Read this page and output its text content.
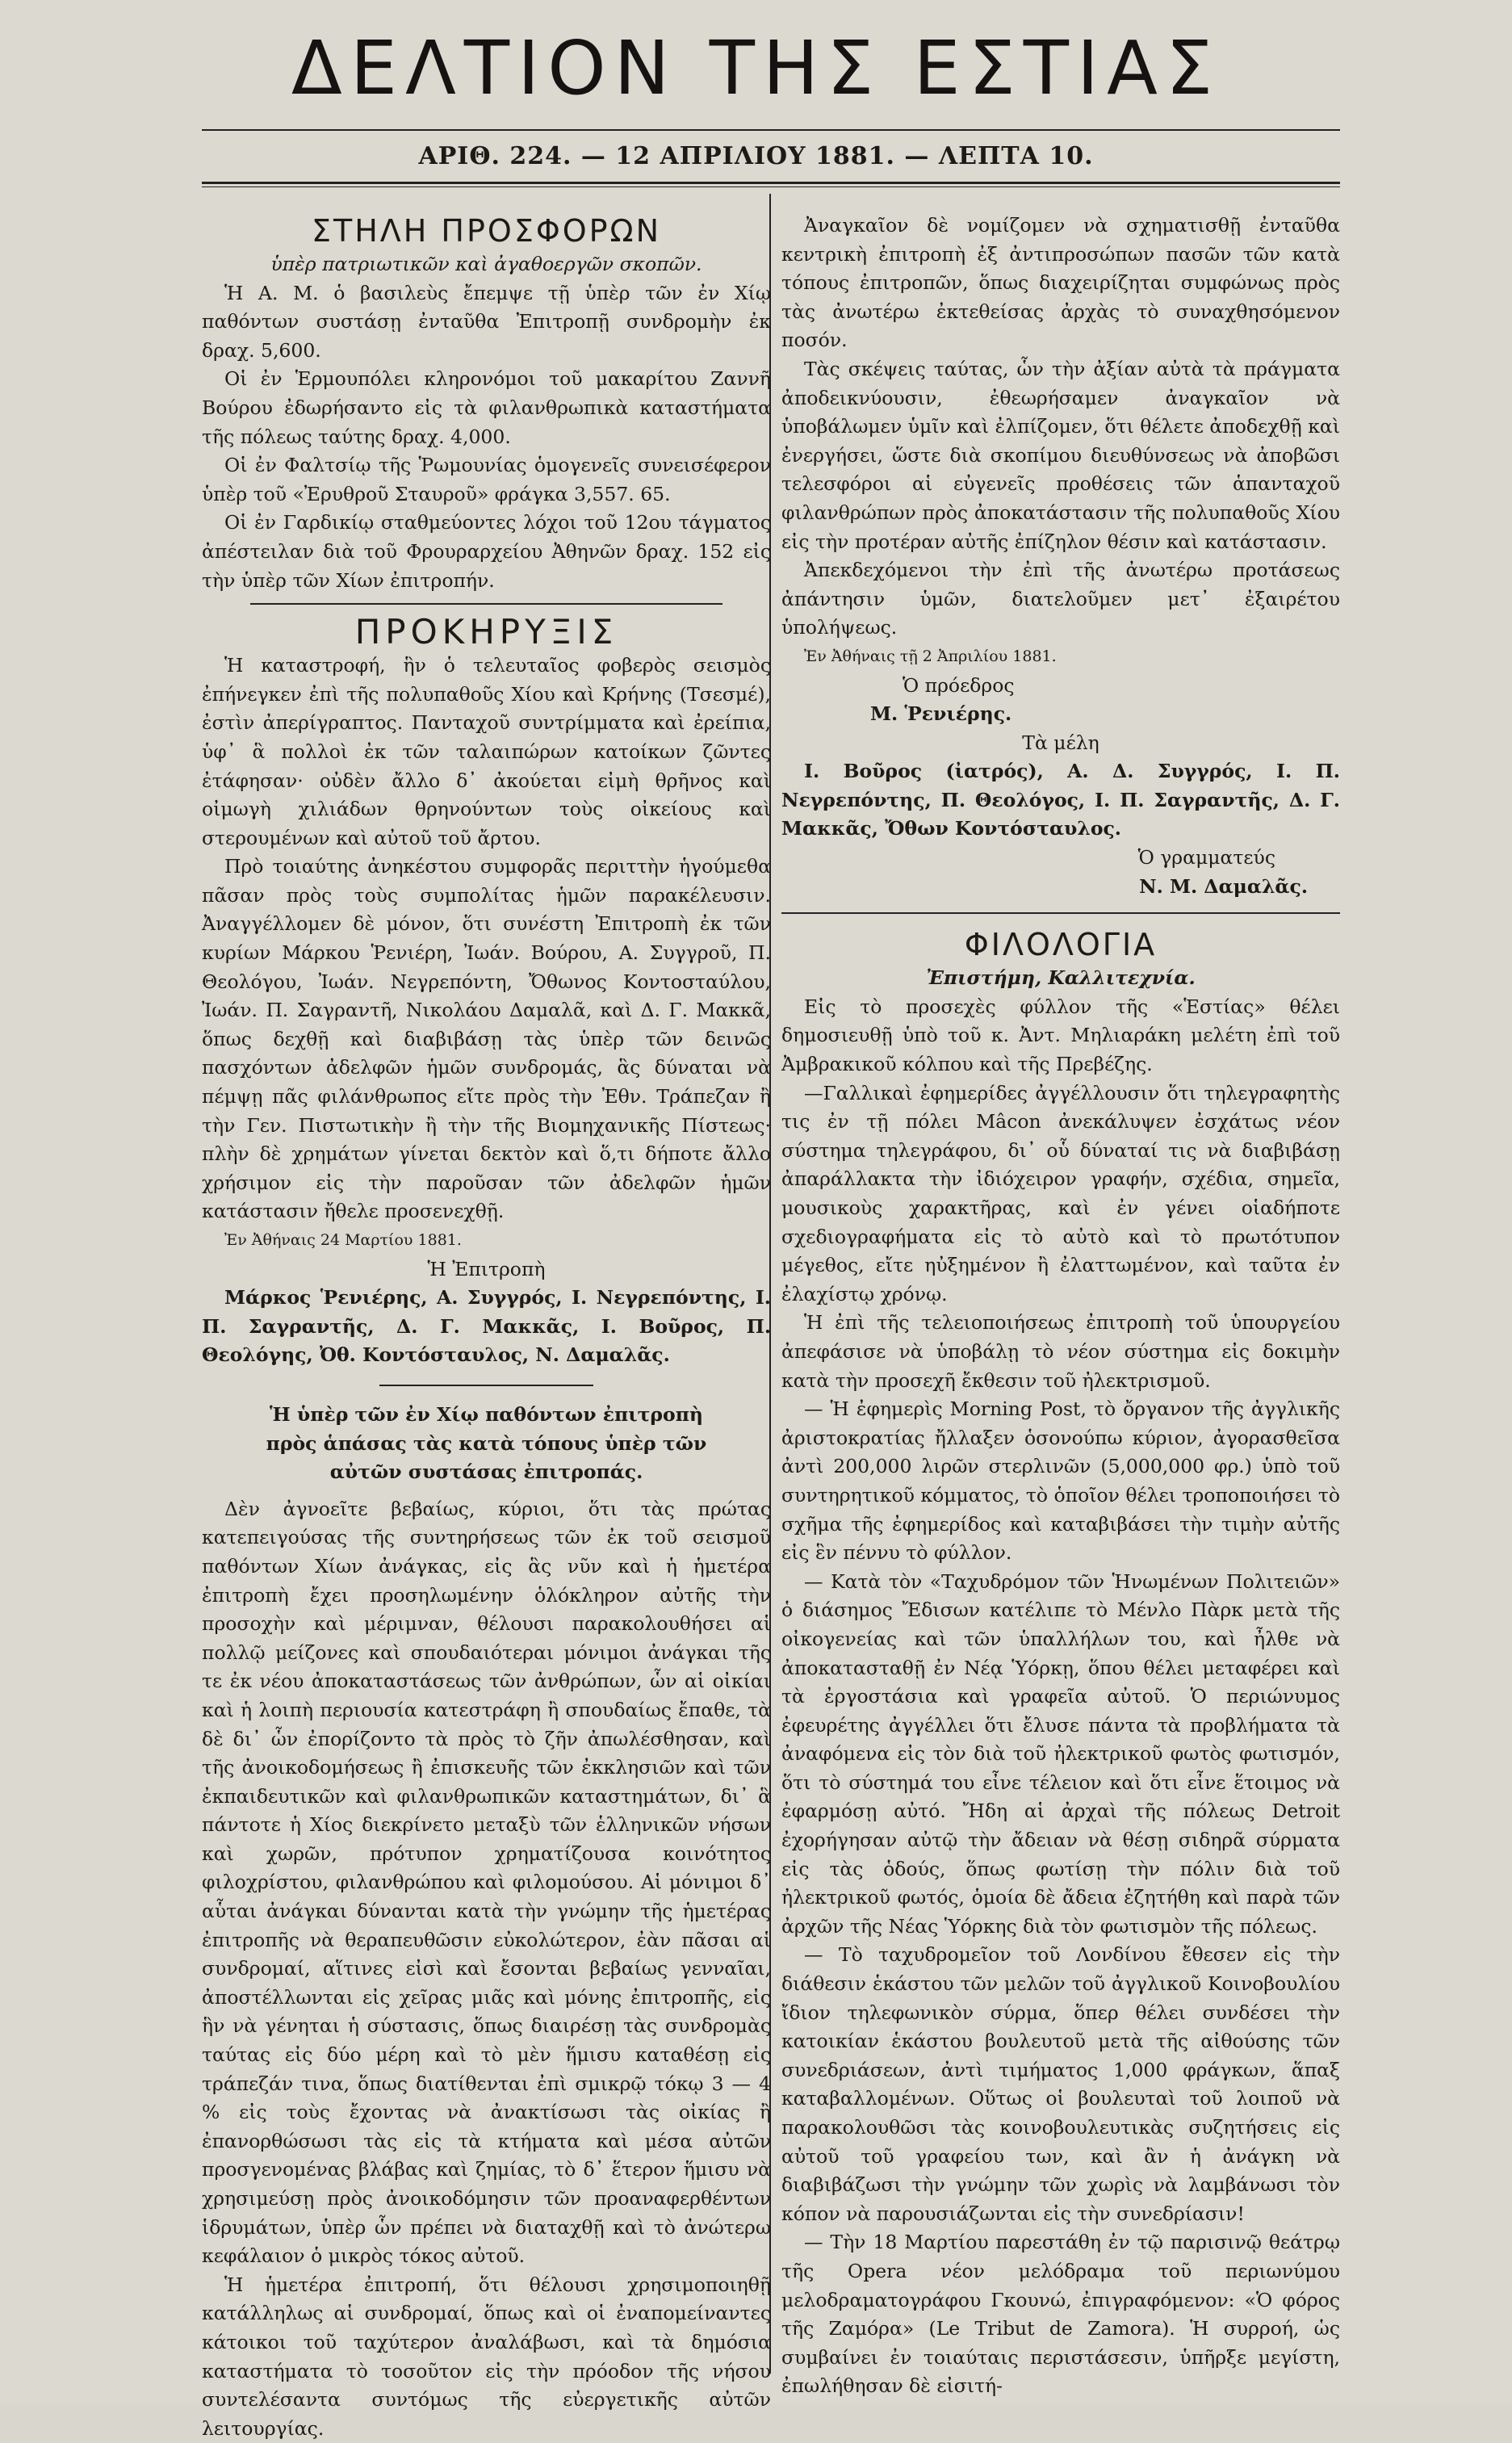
ΔΕΛΤΙΟΝ ΤΗΣ ΕΣΤΙΑΣ
ΑΡΙΘ. 224. — 12 ΑΠΡΙΛΙΟΥ 1881. — ΛΕΠΤΑ 10.
ΣΤΗΛΗ ΠΡΟΣΦΟΡΩΝ

ὑπὲρ πατριωτικῶν καὶ ἀγαθοεργῶν σκοπῶν.

Ἡ Α. Μ. ὁ βασιλεὺς ἔπεμψε τῇ ὑπὲρ τῶν ἐν Χίῳ παθόντων συστάσῃ ἐνταῦθα Ἐπιτροπῇ συνδρομὴν ἐκ δραχ. 5,600.

Οἱ ἐν Ἑρμουπόλει κληρονόμοι τοῦ μακαρίτου Ζαννῆ Βούρου ἐδωρήσαντο εἰς τὰ φιλανθρωπικὰ καταστήματα τῆς πόλεως ταύτης δραχ. 4,000.

Οἱ ἐν Φαλτσίῳ τῆς Ῥωμουνίας ὁμογενεῖς συνεισέφερον ὑπὲρ τοῦ «Ἐρυθροῦ Σταυροῦ» φράγκα 3,557. 65.

Οἱ ἐν Γαρδικίῳ σταθμεύοντες λόχοι τοῦ 12ου τάγματος ἀπέστειλαν διὰ τοῦ Φρουραρχείου Ἀθηνῶν δραχ. 152 εἰς τὴν ὑπὲρ τῶν Χίων ἐπιτροπήν.

ΠΡΟΚΗΡΥΞΙΣ

Ἡ καταστροφή, ἣν ὁ τελευταῖος φοβερὸς σεισμὸς ἐπήνεγκεν ἐπὶ τῆς πολυπαθοῦς Χίου καὶ Κρήνης (Τσεσμέ), ἐστὶν ἀπερίγραπτος. Πανταχοῦ συντρίμματα καὶ ἐρείπια, ὑφ᾽ ἃ πολλοὶ ἐκ τῶν ταλαιπώρων κατοίκων ζῶντες ἐτάφησαν· οὐδὲν ἄλλο δ᾽ ἀκούεται εἰμὴ θρῆνος καὶ οἰμωγὴ χιλιάδων θρηνούντων τοὺς οἰκείους καὶ στερουμένων καὶ αὐτοῦ τοῦ ἄρτου.

Πρὸ τοιαύτης ἀνηκέστου συμφορᾶς περιττὴν ἡγούμεθα πᾶσαν πρὸς τοὺς συμπολίτας ἡμῶν παρακέλευσιν. Ἀναγγέλλομεν δὲ μόνον, ὅτι συνέστη Ἐπιτροπὴ ἐκ τῶν κυρίων Μάρκου Ῥενιέρη, Ἰωάν. Βούρου, Α. Συγγροῦ, Π. Θεολόγου, Ἰωάν. Νεγρεπόντη, Ὄθωνος Κοντοσταύλου, Ἰωάν. Π. Σαγραντῆ, Νικολάου Δαμαλᾶ, καὶ Δ. Γ. Μακκᾶ, ὅπως δεχθῇ καὶ διαβιβάσῃ τὰς ὑπὲρ τῶν δεινῶς πασχόντων ἀδελφῶν ἡμῶν συνδρομάς, ἃς δύναται νὰ πέμψῃ πᾶς φιλάνθρωπος εἴτε πρὸς τὴν Ἐθν. Τράπεζαν ἢ τὴν Γεν. Πιστωτικὴν ἢ τὴν τῆς Βιομηχανικῆς Πίστεως· πλὴν δὲ χρημάτων γίνεται δεκτὸν καὶ ὅ,τι δήποτε ἄλλο χρήσιμον εἰς τὴν παροῦσαν τῶν ἀδελφῶν ἡμῶν κατάστασιν ἤθελε προσενεχθῇ.

Ἐν Ἀθήναις 24 Μαρτίου 1881.

Ἡ Ἐπιτροπὴ

Μάρκος Ῥενιέρης, Α. Συγγρός, Ι. Νεγρεπόντης, Ι. Π. Σαγραντῆς, Δ. Γ. Μακκᾶς, Ι. Βοῦρος, Π. Θεολόγης, Ὀθ. Κοντόσταυλος, Ν. Δαμαλᾶς.

Ἡ ὑπὲρ τῶν ἐν Χίῳ παθόντων ἐπιτροπὴ πρὸς ἁπάσας τὰς κατὰ τόπους ὑπὲρ τῶν αὐτῶν συστάσας ἐπιτροπάς.

Δὲν ἀγνοεῖτε βεβαίως, κύριοι, ὅτι τὰς πρώτας κατεπειγούσας τῆς συντηρήσεως τῶν ἐκ τοῦ σεισμοῦ παθόντων Χίων ἀνάγκας, εἰς ἃς νῦν καὶ ἡ ἡμετέρα ἐπιτροπὴ ἔχει προσηλωμένην ὁλόκληρον αὐτῆς τὴν προσοχὴν καὶ μέριμναν, θέλουσι παρακολουθήσει αἱ πολλῷ μείζονες καὶ σπουδαιότεραι μόνιμοι ἀνάγκαι τῆς τε ἐκ νέου ἀποκαταστάσεως τῶν ἀνθρώπων, ὧν αἱ οἰκίαι καὶ ἡ λοιπὴ περιουσία κατεστράφη ἢ σπουδαίως ἔπαθε, τὰ δὲ δι᾽ ὧν ἐπορίζοντο τὰ πρὸς τὸ ζῆν ἀπωλέσθησαν, καὶ τῆς ἀνοικοδομήσεως ἢ ἐπισκευῆς τῶν ἐκκλησιῶν καὶ τῶν ἐκπαιδευτικῶν καὶ φιλανθρωπικῶν καταστημάτων, δι᾽ ἃ πάντοτε ἡ Χίος διεκρίνετο μεταξὺ τῶν ἑλληνικῶν νήσων καὶ χωρῶν, πρότυπον χρηματίζουσα κοινότητος φιλοχρίστου, φιλανθρώπου καὶ φιλομούσου. Αἱ μόνιμοι δ᾽ αὗται ἀνάγκαι δύνανται κατὰ τὴν γνώμην τῆς ἡμετέρας ἐπιτροπῆς νὰ θεραπευθῶσιν εὐκολώτερον, ἐὰν πᾶσαι αἱ συνδρομαί, αἵτινες εἰσὶ καὶ ἔσονται βεβαίως γενναῖαι, ἀποστέλλωνται εἰς χεῖρας μιᾶς καὶ μόνης ἐπιτροπῆς, εἰς ἣν νὰ γένηται ἡ σύστασις, ὅπως διαιρέσῃ τὰς συνδρομὰς ταύτας εἰς δύο μέρη καὶ τὸ μὲν ἥμισυ καταθέσῃ εἰς τράπεζάν τινα, ὅπως διατίθενται ἐπὶ σμικρῷ τόκῳ 3 — 4 % εἰς τοὺς ἔχοντας νὰ ἀνακτίσωσι τὰς οἰκίας ἢ ἐπανορθώσωσι τὰς εἰς τὰ κτήματα καὶ μέσα αὐτῶν προσγενομένας βλάβας καὶ ζημίας, τὸ δ᾽ ἕτερον ἥμισυ νὰ χρησιμεύσῃ πρὸς ἀνοικοδόμησιν τῶν προαναφερθέντων ἱδρυμάτων, ὑπὲρ ὧν πρέπει νὰ διαταχθῇ καὶ τὸ ἀνώτερω κεφάλαιον ὁ μικρὸς τόκος αὐτοῦ.

Ἡ ἡμετέρα ἐπιτροπή, ὅτι θέλουσι χρησιμοποιηθῇ κατάλληλως αἱ συνδρομαί, ὅπως καὶ οἱ ἐναπομείναντες κάτοικοι τοῦ ταχύτερον ἀναλάβωσι, καὶ τὰ δημόσια καταστήματα τὸ τοσοῦτον εἰς τὴν πρόοδον τῆς νήσου συντελέσαντα συντόμως τῆς εὐεργετικῆς αὐτῶν λειτουργίας.

Ἀναγκαῖον δὲ νομίζομεν νὰ σχηματισθῇ ἐνταῦθα κεντρικὴ ἐπιτροπὴ ἐξ ἀντιπροσώπων πασῶν τῶν κατὰ τόπους ἐπιτροπῶν, ὅπως διαχειρίζηται συμφώνως πρὸς τὰς ἀνωτέρω ἐκτεθείσας ἀρχὰς τὸ συναχθησόμενον ποσόν.

Τὰς σκέψεις ταύτας, ὧν τὴν ἀξίαν αὐτὰ τὰ πράγματα ἀποδεικνύουσιν, ἐθεωρήσαμεν ἀναγκαῖον νὰ ὑποβάλωμεν ὑμῖν καὶ ἐλπίζομεν, ὅτι θέλετε ἀποδεχθῇ καὶ ἐνεργήσει, ὥστε διὰ σκοπίμου διευθύνσεως νὰ ἀποβῶσι τελεσφόροι αἱ εὐγενεῖς προθέσεις τῶν ἁπανταχοῦ φιλανθρώπων πρὸς ἀποκατάστασιν τῆς πολυπαθοῦς Χίου εἰς τὴν προτέραν αὐτῆς ἐπίζηλον θέσιν καὶ κατάστασιν.

Ἀπεκδεχόμενοι τὴν ἐπὶ τῆς ἀνωτέρω προτάσεως ἀπάντησιν ὑμῶν, διατελοῦμεν μετ᾽ ἐξαιρέτου ὑπολήψεως.

Ἐν Ἀθήναις τῇ 2 Ἀπριλίου 1881.

Ὁ πρόεδρος

Μ. Ῥενιέρης.

Τὰ μέλη

Ι. Βοῦρος (ἰατρός), Α. Δ. Συγγρός, Ι. Π. Νεγρεπόντης, Π. Θεολόγος, Ι. Π. Σαγραντῆς, Δ. Γ. Μακκᾶς, Ὄθων Κοντόσταυλος.

Ὁ γραμματεύς

Ν. Μ. Δαμαλᾶς.

ΦΙΛΟΛΟΓΙΑ

Ἐπιστήμη, Καλλιτεχνία.

Εἰς τὸ προσεχὲς φύλλον τῆς «Ἑστίας» θέλει δημοσιευθῇ ὑπὸ τοῦ κ. Ἀντ. Μηλιαράκη μελέτη ἐπὶ τοῦ Ἀμβρακικοῦ κόλπου καὶ τῆς Πρεβέζης.

—Γαλλικαὶ ἐφημερίδες ἀγγέλλουσιν ὅτι τηλεγραφητὴς τις ἐν τῇ πόλει Mâcon ἀνεκάλυψεν ἐσχάτως νέον σύστημα τηλεγράφου, δι᾽ οὗ δύναταί τις νὰ διαβιβάσῃ ἀπαράλλακτα τὴν ἰδιόχειρον γραφήν, σχέδια, σημεῖα, μουσικοὺς χαρακτῆρας, καὶ ἐν γένει οἱαδήποτε σχεδιογραφήματα εἰς τὸ αὐτὸ καὶ τὸ πρωτότυπον μέγεθος, εἴτε ηὐξημένον ἢ ἐλαττωμένον, καὶ ταῦτα ἐν ἐλαχίστῳ χρόνῳ.

Ἡ ἐπὶ τῆς τελειοποιήσεως ἐπιτροπὴ τοῦ ὑπουργείου ἀπεφάσισε νὰ ὑποβάλῃ τὸ νέον σύστημα εἰς δοκιμὴν κατὰ τὴν προσεχῆ ἔκθεσιν τοῦ ἠλεκτρισμοῦ.

— Ἡ ἐφημερὶς Morning Post, τὸ ὄργανον τῆς ἀγγλικῆς ἀριστοκρατίας ἤλλαξεν ὁσονούπω κύριον, ἀγορασθεῖσα ἀντὶ 200,000 λιρῶν στερλινῶν (5,000,000 φρ.) ὑπὸ τοῦ συντηρητικοῦ κόμματος, τὸ ὁποῖον θέλει τροποποιήσει τὸ σχῆμα τῆς ἐφημερίδος καὶ καταβιβάσει τὴν τιμὴν αὐτῆς εἰς ἓν πέννυ τὸ φύλλον.

— Κατὰ τὸν «Ταχυδρόμον τῶν Ἡνωμένων Πολιτειῶν» ὁ διάσημος Ἔδισων κατέλιπε τὸ Μένλο Πὰρκ μετὰ τῆς οἰκογενείας καὶ τῶν ὑπαλλήλων του, καὶ ἦλθε νὰ ἀποκατασταθῇ ἐν Νέᾳ Ὑόρκῃ, ὅπου θέλει μεταφέρει καὶ τὰ ἐργοστάσια καὶ γραφεῖα αὐτοῦ. Ὁ περιώνυμος ἐφευρέτης ἀγγέλλει ὅτι ἔλυσε πάντα τὰ προβλήματα τὰ ἀναφόμενα εἰς τὸν διὰ τοῦ ἠλεκτρικοῦ φωτὸς φωτισμόν, ὅτι τὸ σύστημά του εἶνε τέλειον καὶ ὅτι εἶνε ἕτοιμος νὰ ἐφαρμόσῃ αὐτό. Ἤδη αἱ ἀρχαὶ τῆς πόλεως Detroit ἐχορήγησαν αὐτῷ τὴν ἄδειαν νὰ θέσῃ σιδηρᾶ σύρματα εἰς τὰς ὁδούς, ὅπως φωτίσῃ τὴν πόλιν διὰ τοῦ ἠλεκτρικοῦ φωτός, ὁμοία δὲ ἄδεια ἐζητήθη καὶ παρὰ τῶν ἀρχῶν τῆς Νέας Ὑόρκης διὰ τὸν φωτισμὸν τῆς πόλεως.

— Τὸ ταχυδρομεῖον τοῦ Λονδίνου ἔθεσεν εἰς τὴν διάθεσιν ἑκάστου τῶν μελῶν τοῦ ἀγγλικοῦ Κοινοβουλίου ἴδιον τηλεφωνικὸν σύρμα, ὅπερ θέλει συνδέσει τὴν κατοικίαν ἑκάστου βουλευτοῦ μετὰ τῆς αἰθούσης τῶν συνεδριάσεων, ἀντὶ τιμήματος 1,000 φράγκων, ἅπαξ καταβαλλομένων. Οὕτως οἱ βουλευταὶ τοῦ λοιποῦ νὰ παρακολουθῶσι τὰς κοινοβουλευτικὰς συζητήσεις εἰς αὐτοῦ τοῦ γραφείου των, καὶ ἂν ἡ ἀνάγκη νὰ διαβιβάζωσι τὴν γνώμην τῶν χωρὶς νὰ λαμβάνωσι τὸν κόπον νὰ παρουσιάζωνται εἰς τὴν συνεδρίασιν!

— Τὴν 18 Μαρτίου παρεστάθη ἐν τῷ παρισινῷ θεάτρῳ τῆς Opera νέον μελόδραμα τοῦ περιωνύμου μελοδραματογράφου Γκουνώ, ἐπιγραφόμενον: «Ὁ φόρος τῆς Ζαμόρα» (Le Tribut de Zamora). Ἡ συρροή, ὡς συμβαίνει ἐν τοιαύταις περιστάσεσιν, ὑπῆρξε μεγίστη, ἐπωλήθησαν δὲ εἰσιτή-
